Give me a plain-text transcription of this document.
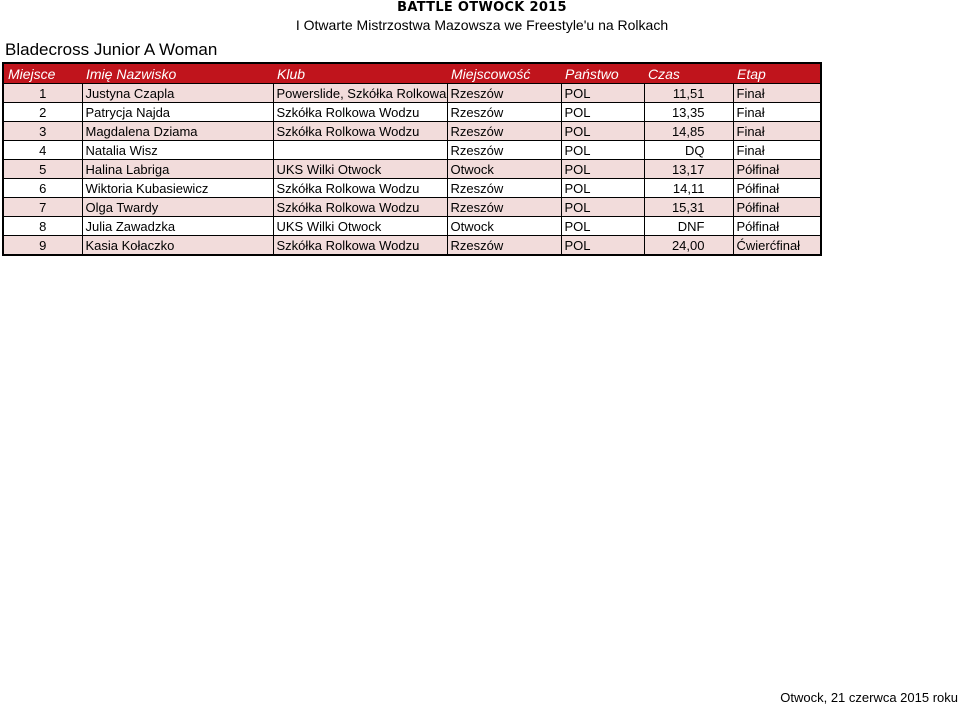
BATTLE OTWOCK 2015
I Otwarte Mistrzostwa Mazowsza we Freestyle'u na Rolkach
Bladecross Junior A Woman
Miejsce	Imię Nazwisko	Klub	Miejscowość	Państwo	Czas	Etap
1	Justyna Czapla	Powerslide, Szkółka Rolkowa	Rzeszów	POL	11,51	Finał
2	Patrycja Najda	Szkółka Rolkowa Wodzu	Rzeszów	POL	13,35	Finał
3	Magdalena Dziama	Szkółka Rolkowa Wodzu	Rzeszów	POL	14,85	Finał
4	Natalia Wisz		Rzeszów	POL	DQ	Finał
5	Halina Labriga	UKS Wilki Otwock	Otwock	POL	13,17	Półfinał
6	Wiktoria Kubasiewicz	Szkółka Rolkowa Wodzu	Rzeszów	POL	14,11	Półfinał
7	Olga Twardy	Szkółka Rolkowa Wodzu	Rzeszów	POL	15,31	Półfinał
8	Julia Zawadzka	UKS Wilki Otwock	Otwock	POL	DNF	Półfinał
9	Kasia Kołaczko	Szkółka Rolkowa Wodzu	Rzeszów	POL	24,00	Ćwierćfinał
Otwock, 21 czerwca 2015 roku
